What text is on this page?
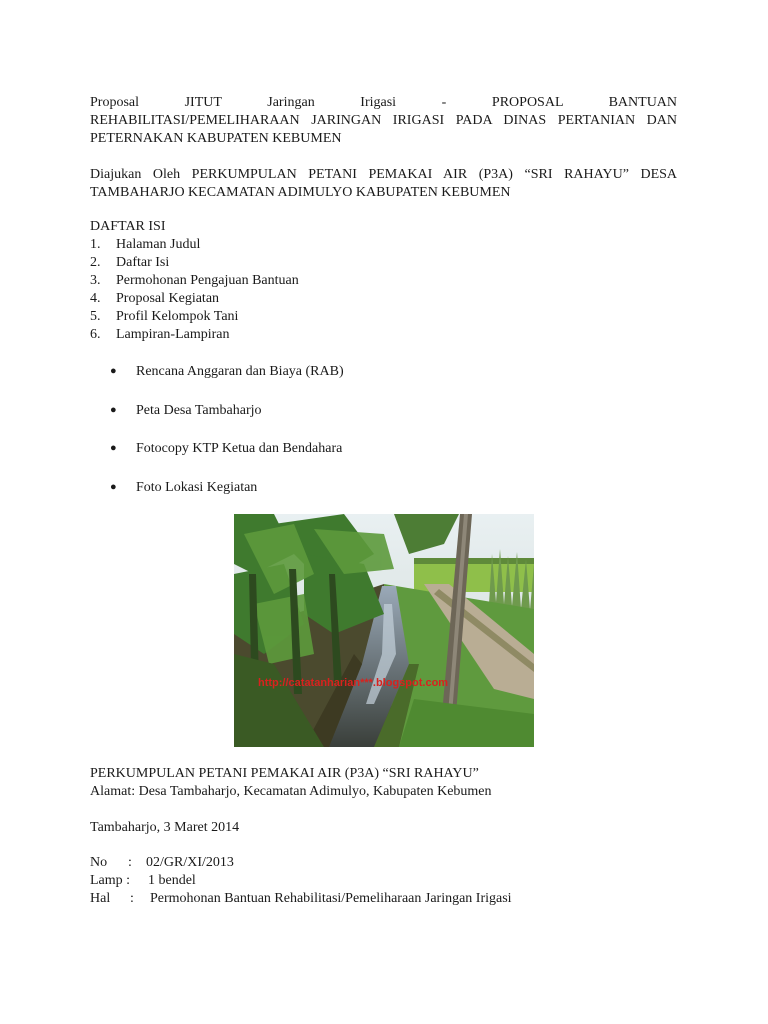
Proposal	JITUT	Jaringan	Irigasi	-	PROPOSAL	BANTUAN
REHABILITASI/PEMELIHARAAN JARINGAN IRIGASI PADA DINAS PERTANIAN DAN
PETERNAKAN KABUPATEN KEBUMEN
Diajukan Oleh PERKUMPULAN PETANI PEMAKAI AIR (P3A) “SRI RAHAYU” DESA
TAMBAHARJO KECAMATAN ADIMULYO KABUPATEN KEBUMEN
DAFTAR ISI
1. Halaman Judul
2. Daftar Isi
3. Permohonan Pengajuan Bantuan
4. Proposal Kegiatan
5. Profil Kelompok Tani
6. Lampiran-Lampiran
● Rencana Anggaran dan Biaya (RAB)
● Peta Desa Tambaharjo
● Fotocopy KTP Ketua dan Bendahara
● Foto Lokasi Kegiatan
http://catatanharian***.blogspot.com
PERKUMPULAN PETANI PEMAKAI AIR (P3A) “SRI RAHAYU”
Alamat: Desa Tambaharjo, Kecamatan Adimulyo, Kabupaten Kebumen
Tambaharjo, 3 Maret 2014
No : 02/GR/XI/2013
Lamp : 1 bendel
Hal : Permohonan Bantuan Rehabilitasi/Pemeliharaan Jaringan Irigasi
